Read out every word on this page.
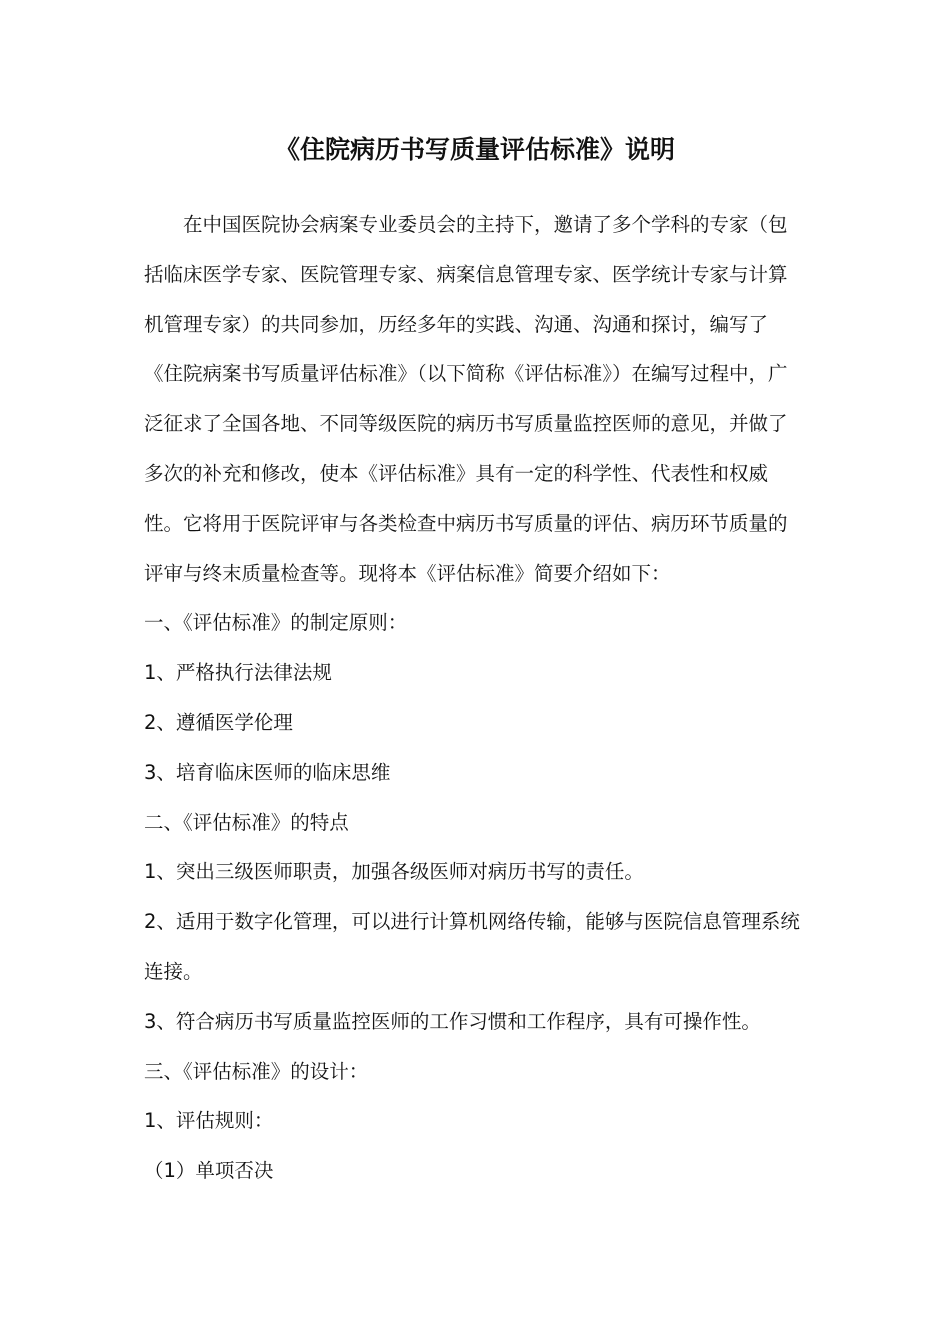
《住院病历书写质量评估标准》说明

在中国医院协会病案专业委员会的主持下，邀请了多个学科的专家（包括临床医学专家、医院管理专家、病案信息管理专家、医学统计专家与计算机管理专家）的共同参加，历经多年的实践、沟通、沟通和探讨，编写了《住院病案书写质量评估标准》（以下简称《评估标准》）在编写过程中，广泛征求了全国各地、不同等级医院的病历书写质量监控医师的意见，并做了多次的补充和修改，使本《评估标准》具有一定的科学性、代表性和权威性。它将用于医院评审与各类检查中病历书写质量的评估、病历环节质量的评审与终末质量检查等。现将本《评估标准》简要介绍如下：

一、《评估标准》的制定原则：

1、严格执行法律法规

2、遵循医学伦理

3、培育临床医师的临床思维

二、《评估标准》的特点

1、突出三级医师职责，加强各级医师对病历书写的责任。

2、适用于数字化管理，可以进行计算机网络传输，能够与医院信息管理系统连接。

3、符合病历书写质量监控医师的工作习惯和工作程序，具有可操作性。

三、《评估标准》的设计：

1、评估规则：

（1）单项否决
